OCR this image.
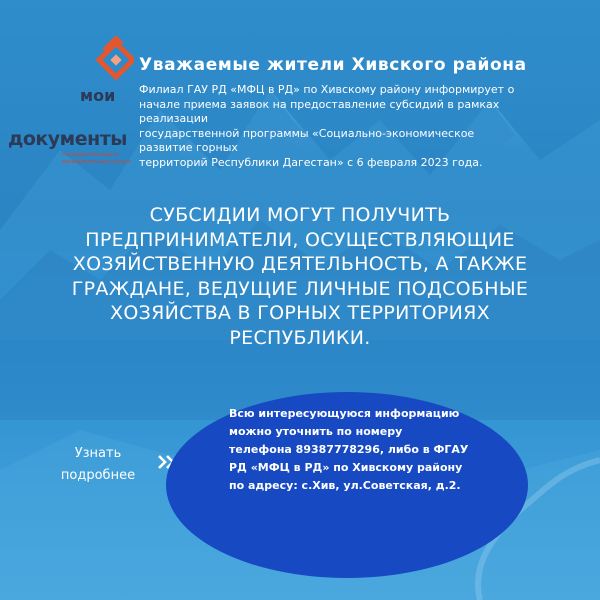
мои
документы
государственные и муниципальные услуги
Уважаемые жители Хивского района
Филиал ГАУ РД «МФЦ в РД» по Хивскому району информирует о
начале приема заявок на предоставление субсидий в рамках
реализации
государственной программы «Социально-экономическое
развитие горных
территорий Республики Дагестан» с 6 февраля 2023 года.
СУБСИДИИ МОГУТ ПОЛУЧИТЬ
ПРЕДПРИНИМАТЕЛИ, ОСУЩЕСТВЛЯЮЩИЕ
ХОЗЯЙСТВЕННУЮ ДЕЯТЕЛЬНОСТЬ, А ТАКЖЕ
ГРАЖДАНЕ, ВЕДУЩИЕ ЛИЧНЫЕ ПОДСОБНЫЕ
ХОЗЯЙСТВА В ГОРНЫХ ТЕРРИТОРИЯХ
РЕСПУБЛИКИ.
Узнать
подробнее
Всю интересующуюся информацию
можно уточнить по номеру
телефона 89387778296, либо в ФГАУ
РД «МФЦ в РД» по Хивскому району
по адресу: с.Хив, ул.Советская, д.2.
